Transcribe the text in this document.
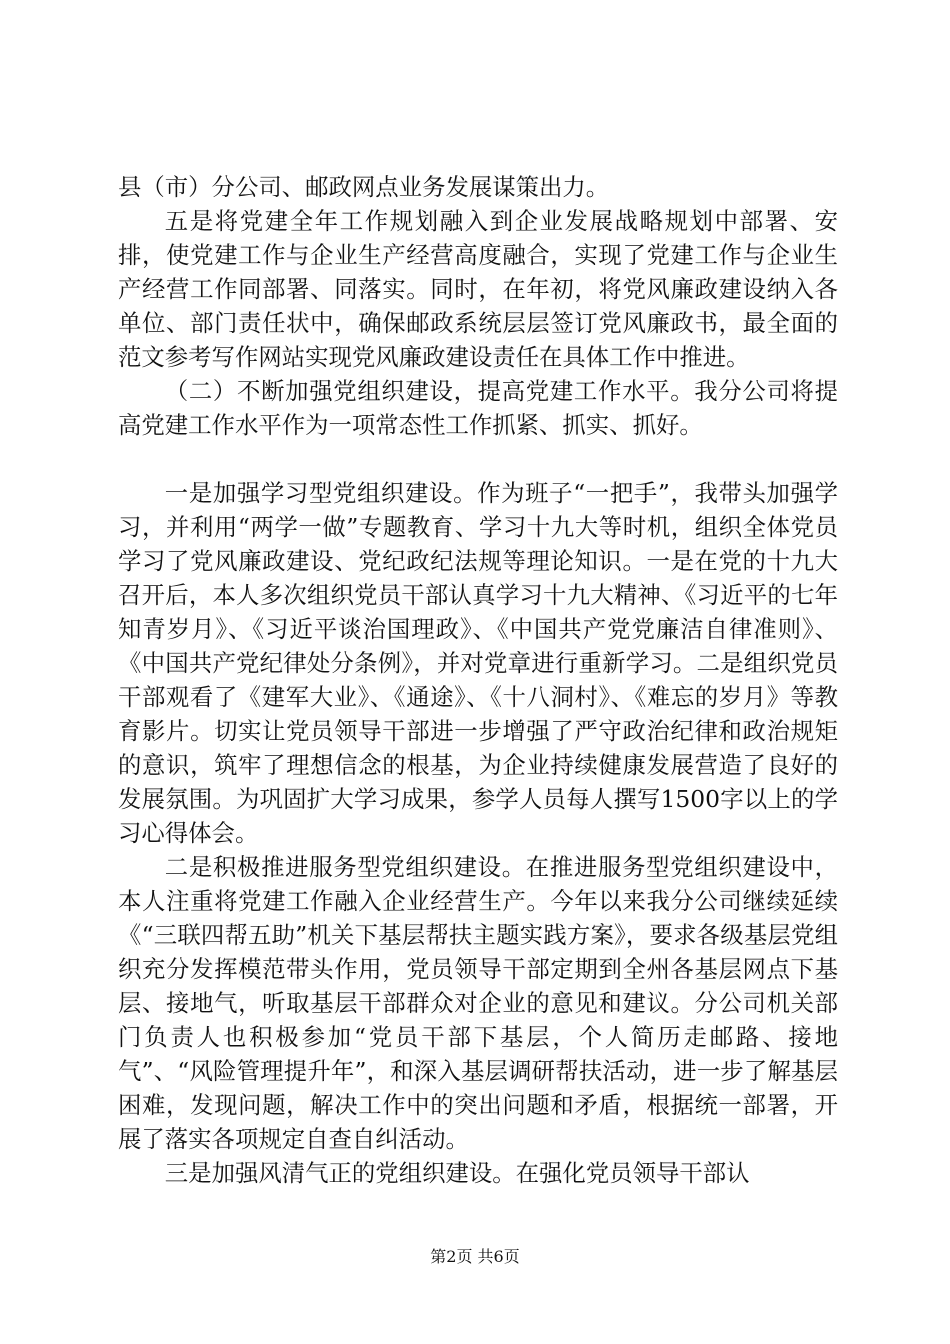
县（市）分公司、邮政网点业务发展谋策出力。

五是将党建全年工作规划融入到企业发展战略规划中部署、安排，使党建工作与企业生产经营高度融合，实现了党建工作与企业生产经营工作同部署、同落实。同时，在年初，将党风廉政建设纳入各单位、部门责任状中，确保邮政系统层层签订党风廉政书，最全面的范文参考写作网站实现党风廉政建设责任在具体工作中推进。

（二）不断加强党组织建设，提高党建工作水平。我分公司将提高党建工作水平作为一项常态性工作抓紧、抓实、抓好。

一是加强学习型党组织建设。作为班子“一把手”，我带头加强学习，并利用“两学一做”专题教育、学习十九大等时机，组织全体党员学习了党风廉政建设、党纪政纪法规等理论知识。一是在党的十九大召开后，本人多次组织党员干部认真学习十九大精神、《习近平的七年知青岁月》、《习近平谈治国理政》、《中国共产党党廉洁自律准则》、《中国共产党纪律处分条例》，并对党章进行重新学习。二是组织党员干部观看了《建军大业》、《通途》、《十八洞村》、《难忘的岁月》等教育影片。切实让党员领导干部进一步增强了严守政治纪律和政治规矩的意识，筑牢了理想信念的根基，为企业持续健康发展营造了良好的发展氛围。为巩固扩大学习成果，参学人员每人撰写1500字以上的学习心得体会。

二是积极推进服务型党组织建设。在推进服务型党组织建设中，本人注重将党建工作融入企业经营生产。今年以来我分公司继续延续《“三联四帮五助”机关下基层帮扶主题实践方案》，要求各级基层党组织充分发挥模范带头作用，党员领导干部定期到全州各基层网点下基层、接地气，听取基层干部群众对企业的意见和建议。分公司机关部门负责人也积极参加“党员干部下基层，个人简历走邮路、接地气”、“风险管理提升年”，和深入基层调研帮扶活动，进一步了解基层困难，发现问题，解决工作中的突出问题和矛盾，根据统一部署，开展了落实各项规定自查自纠活动。

三是加强风清气正的党组织建设。在强化党员领导干部认

第2页 共6页
